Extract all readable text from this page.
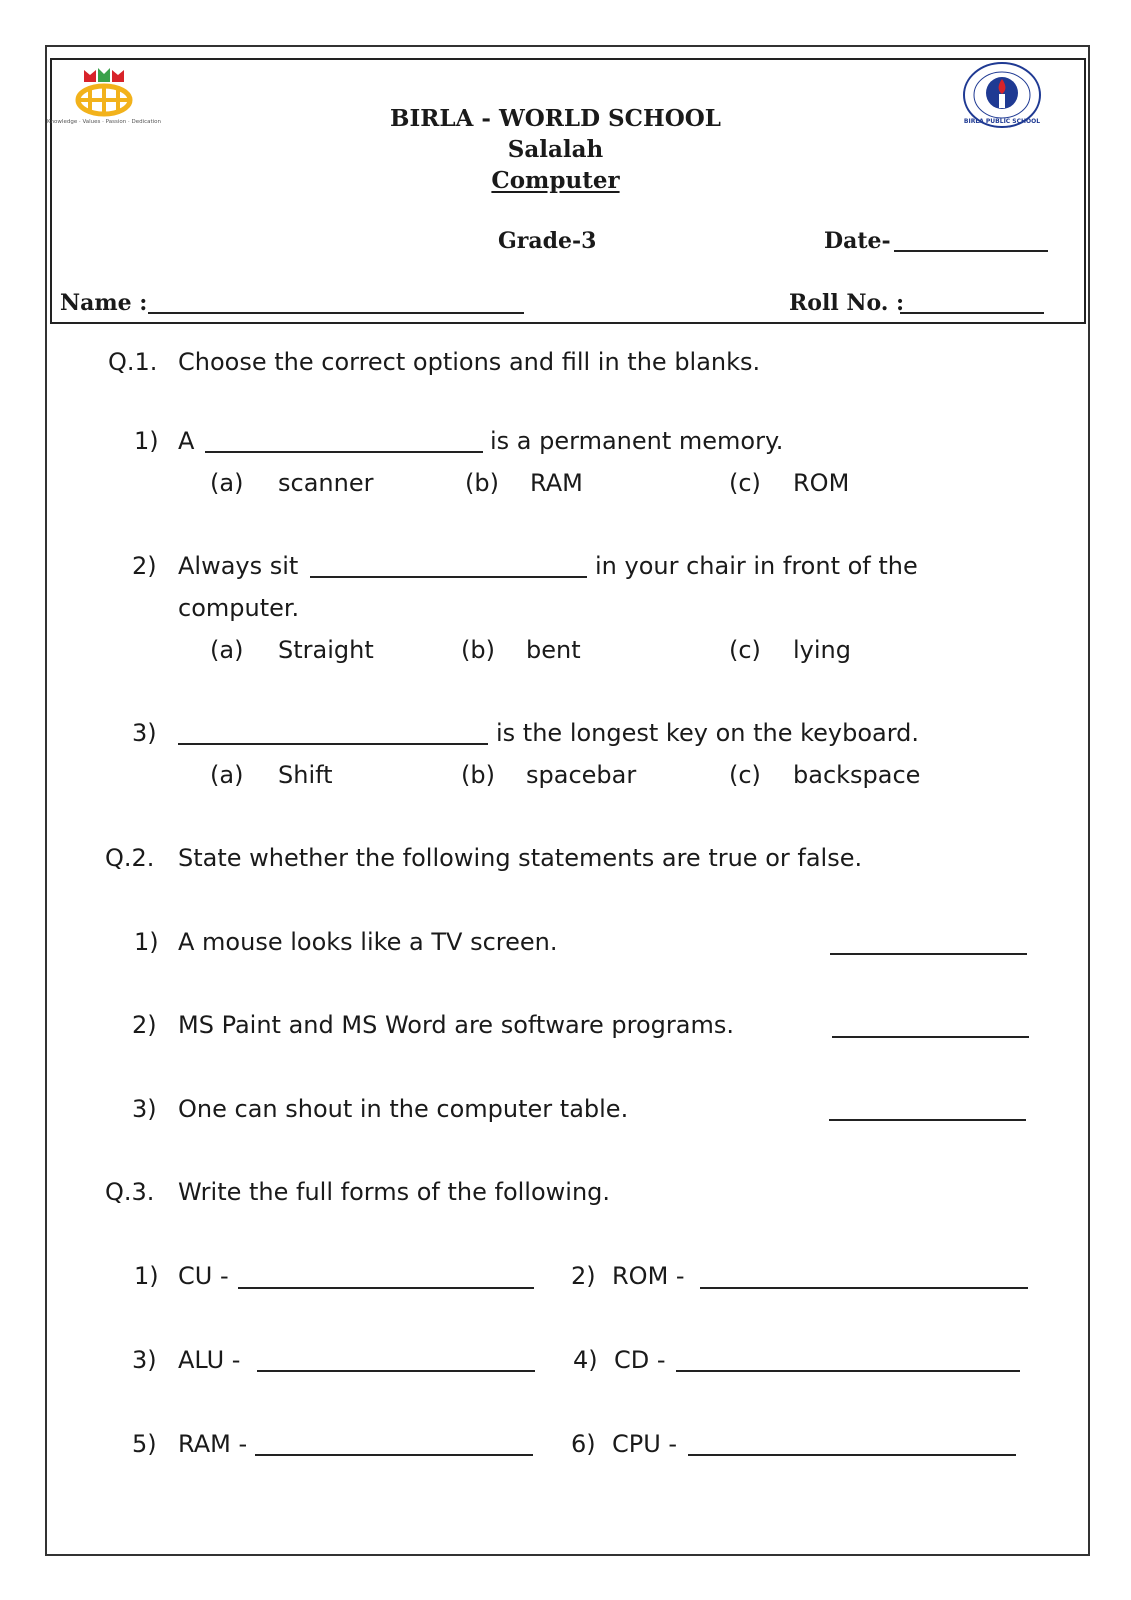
Knowledge · Values · Passion · Dedication	BIRLA PUBLIC SCHOOL
BIRLA - WORLD SCHOOL
Salalah
Computer
Grade-3	Date-
Name :	Roll No. :
Q.1. Choose the correct options and fill in the blanks.
1) A	is a permanent memory.
(a) scanner	(b) RAM	(c) ROM
2) Always sit	in your chair in front of the
computer.
(a) Straight	(b) bent	(c) lying
3)	is the longest key on the keyboard.
(a) Shift	(b) spacebar	(c) backspace
Q.2. State whether the following statements are true or false.
1) A mouse looks like a TV screen.
2) MS Paint and MS Word are software programs.
3) One can shout in the computer table.
Q.3. Write the full forms of the following.
1) CU -	2) ROM -
3) ALU -	4) CD -
5) RAM -	6) CPU -
